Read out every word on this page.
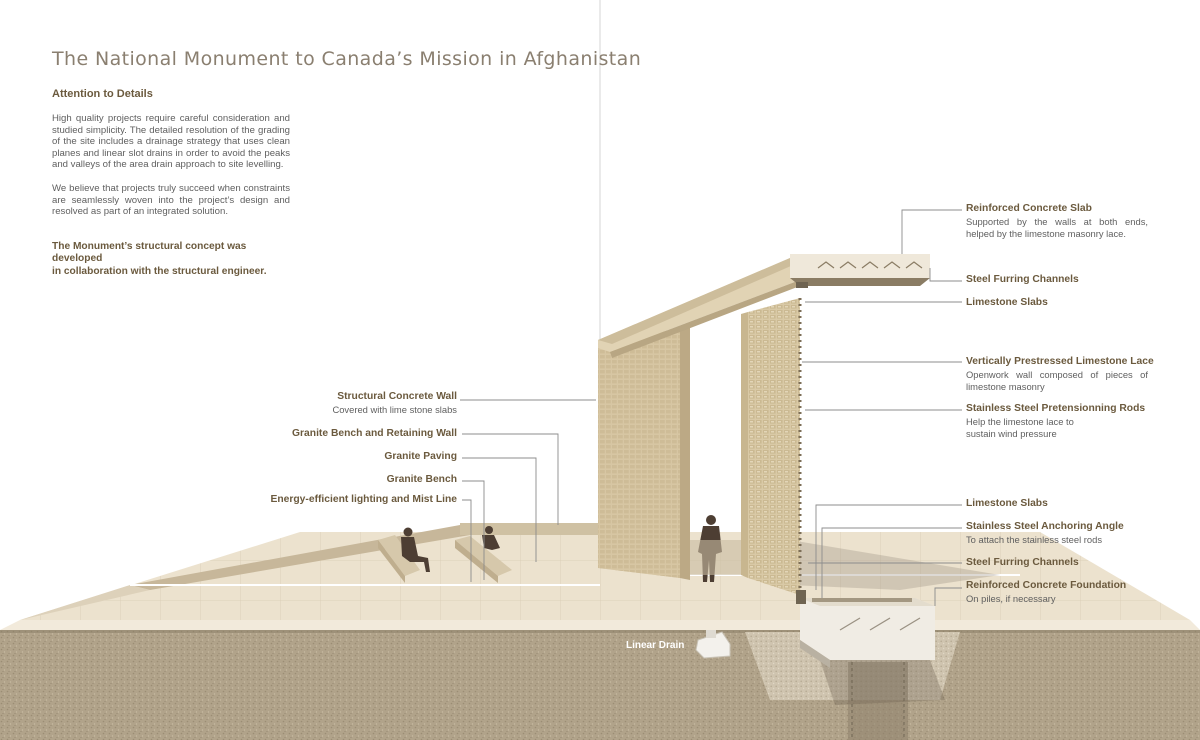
The National Monument to Canada’s Mission in Afghanistan
Attention to Details

High quality projects require careful consideration and studied simplicity. The detailed resolution of the grading of the site includes a drainage strategy that uses clean planes and linear slot drains in order to avoid the peaks and valleys of the area drain approach to site levelling.

We believe that projects truly succeed when constraints are seamlessly woven into the project’s design and resolved as part of an integrated solution.

The Monument’s structural concept was developed
in collaboration with the structural engineer.

Structural Concrete Wall
Covered with lime stone slabs
Granite Bench and Retaining Wall
Granite Paving
Granite Bench
Energy-efficient lighting and Mist Line
Reinforced Concrete Slab
Supported by the walls at both ends,
helped by the limestone masonry lace.
Steel Furring Channels
Limestone Slabs
Vertically Prestressed Limestone Lace
Openwork wall composed of pieces of
limestone masonry
Stainless Steel Pretensionning Rods
Help the limestone lace to
sustain wind pressure
Limestone Slabs
Stainless Steel Anchoring Angle
To attach the stainless steel rods
Steel Furring Channels
Reinforced Concrete Foundation
On piles, if necessary
Linear Drain
